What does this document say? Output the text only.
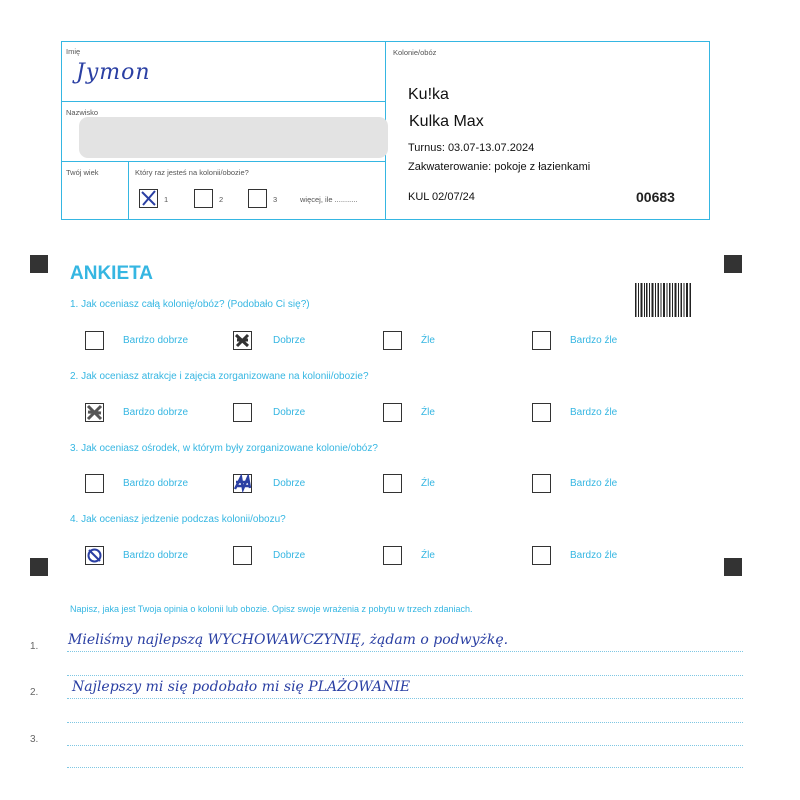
Imię
Jymon
Nazwisko
Twój wiek	Który raz jesteś na kolonii/obozie?
1	2	3	więcej, ile ...........
Kolonie/obóz
Ku!ka
Kulka Max
Turnus: 03.07-13.07.2024
Zakwaterowanie: pokoje z łazienkami
KUL 02/07/24	00683
ANKIETA
1. Jak oceniasz całą kolonię/obóz? (Podobało Ci się?)
Bardzo dobrze	Dobrze	Źle	Bardzo źle
2. Jak oceniasz atrakcje i zajęcia zorganizowane na kolonii/obozie?
Bardzo dobrze	Dobrze	Źle	Bardzo źle
3. Jak oceniasz ośrodek, w którym były zorganizowane kolonie/obóz?
Bardzo dobrze	Dobrze	Źle	Bardzo źle
4. Jak oceniasz jedzenie podczas kolonii/obozu?
Bardzo dobrze	Dobrze	Źle	Bardzo źle
Napisz, jaka jest Twoja opinia o kolonii lub obozie. Opisz swoje wrażenia z pobytu w trzech zdaniach.
1. Mieliśmy najlepszą WYCHOWAWCZYNIĘ, żądam o podwyżkę.
2. Najlepszy mi się podobało mi się PLAŻOWANIE
3.
